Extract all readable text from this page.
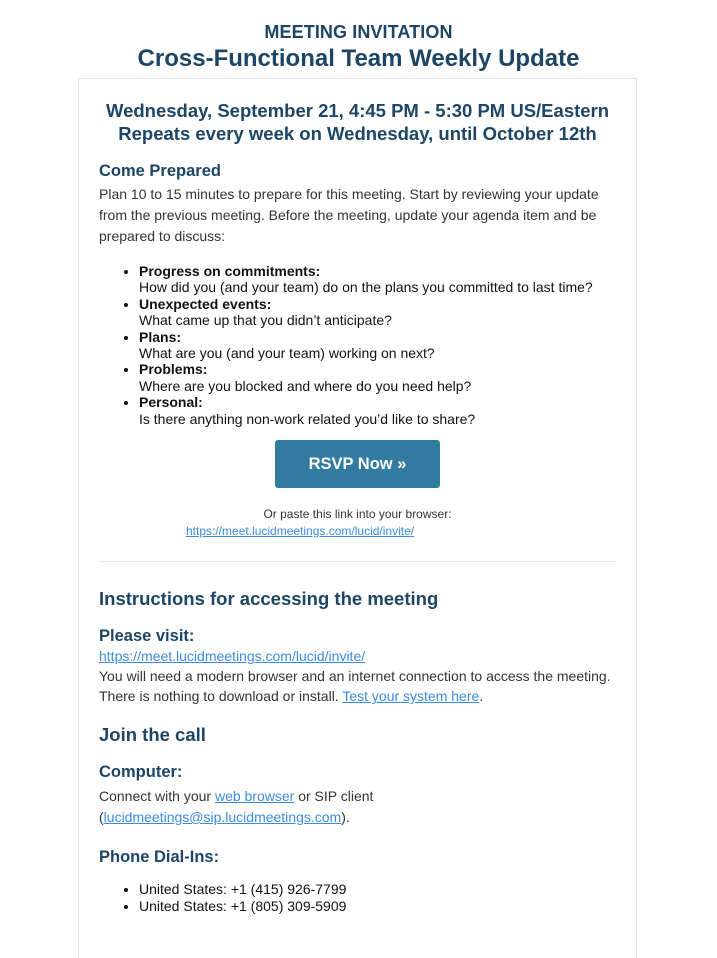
MEETING INVITATION
Cross-Functional Team Weekly Update
Wednesday, September 21, 4:45 PM - 5:30 PM US/Eastern
Repeats every week on Wednesday, until October 12th
Come Prepared
Plan 10 to 15 minutes to prepare for this meeting. Start by reviewing your update from the previous meeting. Before the meeting, update your agenda item and be prepared to discuss:
• Progress on commitments:
How did you (and your team) do on the plans you committed to last time?
• Unexpected events:
What came up that you didn’t anticipate?
• Plans:
What are you (and your team) working on next?
• Problems:
Where are you blocked and where do you need help?
• Personal:
Is there anything non-work related you’d like to share?
RSVP Now »
Or paste this link into your browser:
https://meet.lucidmeetings.com/lucid/invite/
Instructions for accessing the meeting
Please visit:
https://meet.lucidmeetings.com/lucid/invite/
You will need a modern browser and an internet connection to access the meeting. There is nothing to download or install. Test your system here.
Join the call
Computer:
Connect with your web browser or SIP client
(lucidmeetings@sip.lucidmeetings.com).
Phone Dial-Ins:
• United States: +1 (415) 926-7799
• United States: +1 (805) 309-5909
